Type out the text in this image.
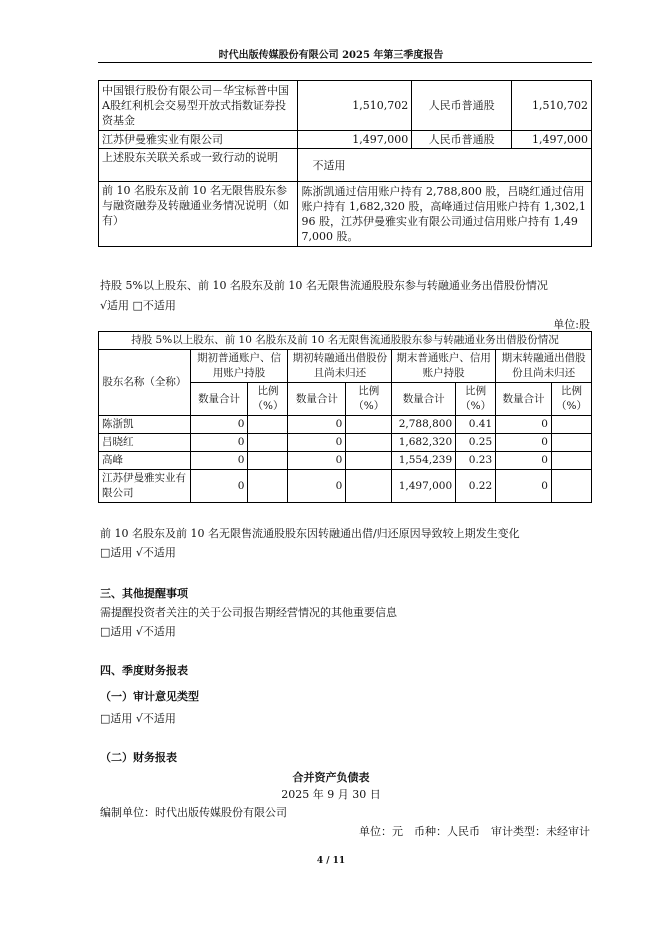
时代出版传媒股份有限公司 2025 年第三季度报告
中国银行股份有限公司－华宝标普中国A股红利机会交易型开放式指数证券投资基金	1,510,702	人民币普通股	1,510,702
江苏伊曼雅实业有限公司	1,497,000	人民币普通股	1,497,000
上述股东关联关系或一致行动的说明	不适用		
前 10 名股东及前 10 名无限售股东参与融资融券及转融通业务情况说明（如有）	陈浙凯通过信用账户持有 2,788,800 股，吕晓红通过信用账户持有 1,682,320 股，高峰通过信用账户持有 1,302,196 股，江苏伊曼雅实业有限公司通过信用账户持有 1,497,000 股。		
持股 5%以上股东、前 10 名股东及前 10 名无限售流通股股东参与转融通业务出借股份情况
√适用 □不适用
单位:股
持股 5%以上股东、前 10 名股东及前 10 名无限售流通股股东参与转融通业务出借股份情况								
股东名称（全称）	期初普通账户、信用账户持股		期初转融通出借股份且尚未归还		期末普通账户、信用账户持股		期末转融通出借股份且尚未归还	
	数量合计	比例（%）	数量合计	比例（%）	数量合计	比例（%）	数量合计	比例（%）
陈浙凯	0		0		2,788,800	0.41	0	
吕晓红	0		0		1,682,320	0.25	0	
高峰	0		0		1,554,239	0.23	0	
江苏伊曼雅实业有限公司	0		0		1,497,000	0.22	0	
前 10 名股东及前 10 名无限售流通股股东因转融通出借/归还原因导致较上期发生变化
□适用 √不适用
三、其他提醒事项
需提醒投资者关注的关于公司报告期经营情况的其他重要信息
□适用 √不适用
四、季度财务报表
（一）审计意见类型
□适用 √不适用
（二）财务报表
合并资产负债表
2025 年 9 月 30 日
编制单位：时代出版传媒股份有限公司
单位：元　币种：人民币　审计类型：未经审计
4 / 11
